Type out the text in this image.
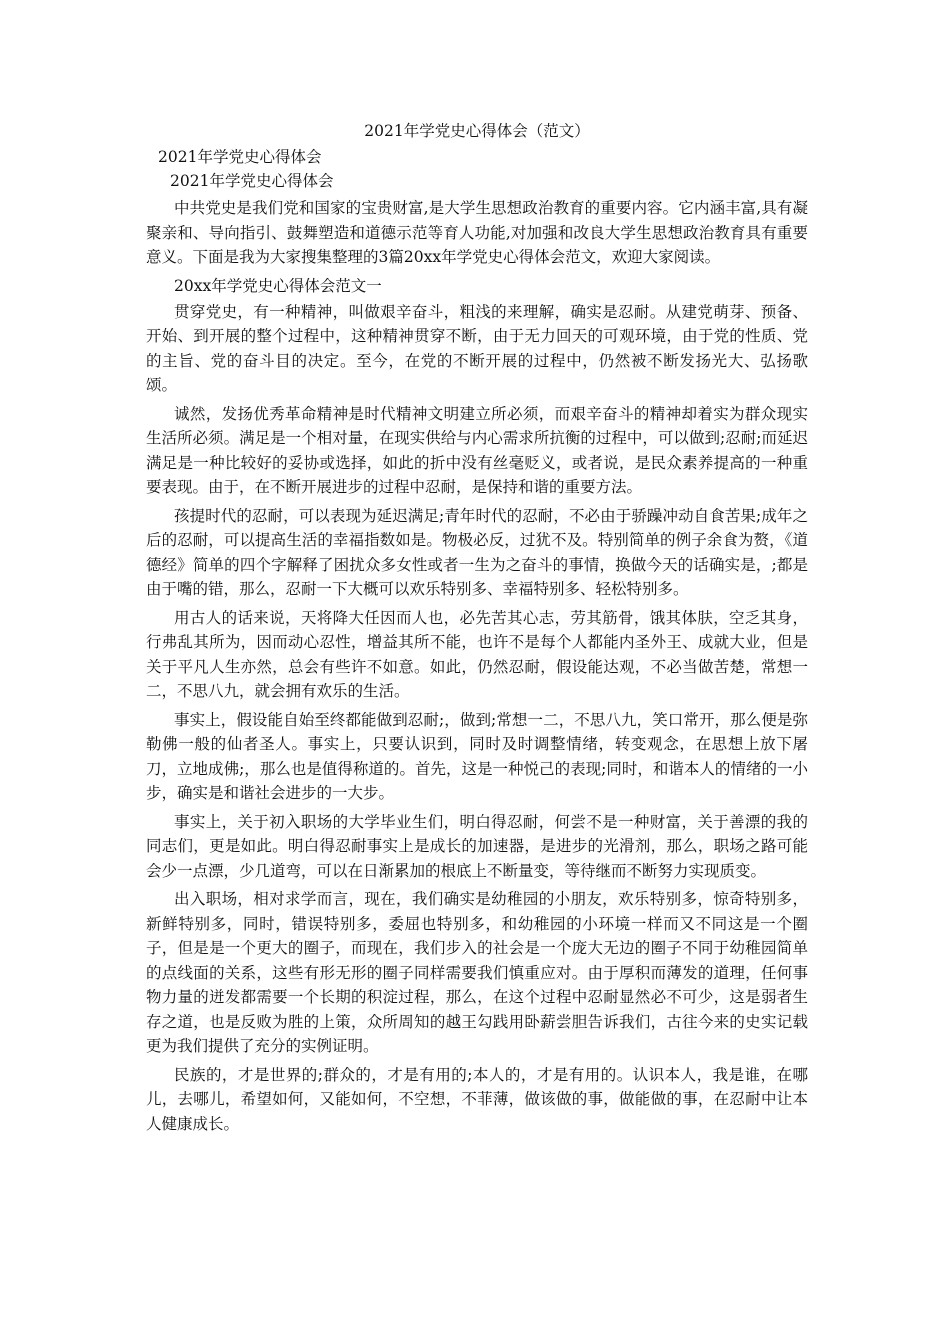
2021年学党史心得体会（范文）

2021年学党史心得体会

2021年学党史心得体会

中共党史是我们党和国家的宝贵财富,是大学生思想政治教育的重要内容。它内涵丰富,具有凝聚亲和、导向指引、鼓舞塑造和道德示范等育人功能,对加强和改良大学生思想政治教育具有重要意义。下面是我为大家搜集整理的3篇20xx年学党史心得体会范文，欢迎大家阅读。

20xx年学党史心得体会范文一

贯穿党史，有一种精神，叫做艰辛奋斗，粗浅的来理解，确实是忍耐。从建党萌芽、预备、开始、到开展的整个过程中，这种精神贯穿不断，由于无力回天的可观环境，由于党的性质、党的主旨、党的奋斗目的决定。至今，在党的不断开展的过程中，仍然被不断发扬光大、弘扬歌颂。

诚然，发扬优秀革命精神是时代精神文明建立所必须，而艰辛奋斗的精神却着实为群众现实生活所必须。满足是一个相对量，在现实供给与内心需求所抗衡的过程中，可以做到;忍耐;而延迟满足是一种比较好的妥协或选择，如此的折中没有丝毫贬义，或者说，是民众素养提高的一种重要表现。由于，在不断开展进步的过程中忍耐，是保持和谐的重要方法。

孩提时代的忍耐，可以表现为延迟满足;青年时代的忍耐，不必由于骄躁冲动自食苦果;成年之后的忍耐，可以提高生活的幸福指数如是。物极必反，过犹不及。特别简单的例子余食为赘，《道德经》简单的四个字解释了困扰众多女性或者一生为之奋斗的事情，换做今天的话确实是，;都是由于嘴的错，那么，忍耐一下大概可以欢乐特别多、幸福特别多、轻松特别多。

用古人的话来说，天将降大任因而人也，必先苦其心志，劳其筋骨，饿其体肤，空乏其身，行弗乱其所为，因而动心忍性，增益其所不能，也许不是每个人都能内圣外王、成就大业，但是关于平凡人生亦然，总会有些许不如意。如此，仍然忍耐，假设能达观，不必当做苦楚，常想一二，不思八九，就会拥有欢乐的生活。

事实上，假设能自始至终都能做到忍耐;，做到;常想一二，不思八九，笑口常开，那么便是弥勒佛一般的仙者圣人。事实上，只要认识到，同时及时调整情绪，转变观念，在思想上放下屠刀，立地成佛;，那么也是值得称道的。首先，这是一种悦己的表现;同时，和谐本人的情绪的一小步，确实是和谐社会进步的一大步。

事实上，关于初入职场的大学毕业生们，明白得忍耐，何尝不是一种财富，关于善漂的我的同志们，更是如此。明白得忍耐事实上是成长的加速器，是进步的光滑剂，那么，职场之路可能会少一点漂，少几道弯，可以在日渐累加的根底上不断量变，等待继而不断努力实现质变。

出入职场，相对求学而言，现在，我们确实是幼稚园的小朋友，欢乐特别多，惊奇特别多，新鲜特别多，同时，错误特别多，委屈也特别多，和幼稚园的小环境一样而又不同这是一个圈子，但是是一个更大的圈子，而现在，我们步入的社会是一个庞大无边的圈子不同于幼稚园简单的点线面的关系，这些有形无形的圈子同样需要我们慎重应对。由于厚积而薄发的道理，任何事物力量的迸发都需要一个长期的积淀过程，那么，在这个过程中忍耐显然必不可少，这是弱者生存之道，也是反败为胜的上策，众所周知的越王勾践用卧薪尝胆告诉我们，古往今来的史实记载更为我们提供了充分的实例证明。

民族的，才是世界的;群众的，才是有用的;本人的，才是有用的。认识本人，我是谁，在哪儿，去哪儿，希望如何，又能如何，不空想，不菲薄，做该做的事，做能做的事，在忍耐中让本人健康成长。
